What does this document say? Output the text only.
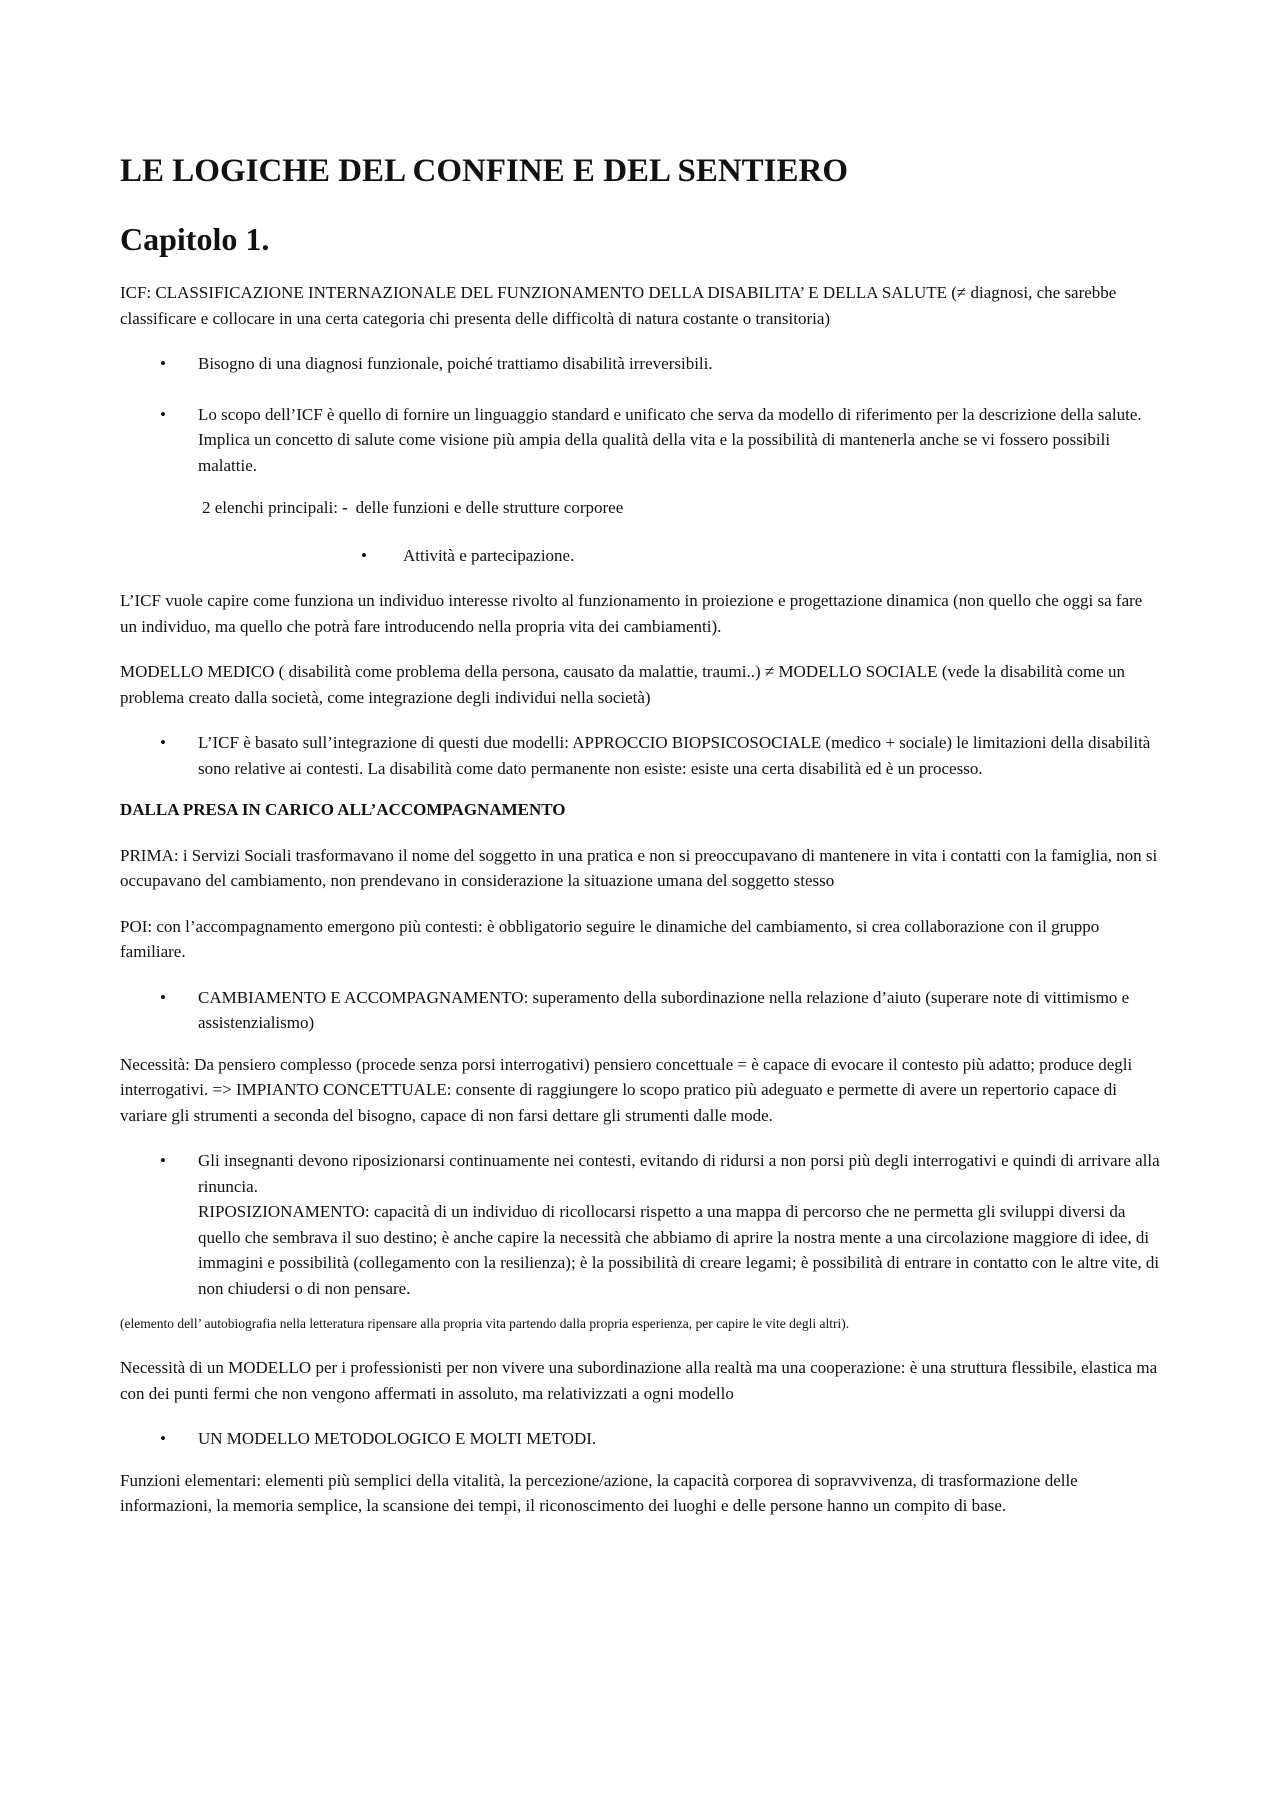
LE LOGICHE DEL CONFINE E DEL SENTIERO
Capitolo 1.

ICF: CLASSIFICAZIONE INTERNAZIONALE DEL FUNZIONAMENTO DELLA DISABILITA’ E DELLA SALUTE (≠ diagnosi, che sarebbe classificare e collocare in una certa categoria chi presenta delle difficoltà di natura costante o transitoria)

• Bisogno di una diagnosi funzionale, poiché trattiamo disabilità irreversibili.
• Lo scopo dell’ICF è quello di fornire un linguaggio standard e unificato che serva da modello di riferimento per la descrizione della salute. Implica un concetto di salute come visione più ampia della qualità della vita e la possibilità di mantenerla anche se vi fossero possibili malattie.
2 elenchi principali: - delle funzioni e delle strutture corporee
• Attività e partecipazione.

L’ICF vuole capire come funziona un individuo interesse rivolto al funzionamento in proiezione e progettazione dinamica (non quello che oggi sa fare un individuo, ma quello che potrà fare introducendo nella propria vita dei cambiamenti).

MODELLO MEDICO ( disabilità come problema della persona, causato da malattie, traumi..) ≠ MODELLO SOCIALE (vede la disabilità come un problema creato dalla società, come integrazione degli individui nella società)

• L’ICF è basato sull’integrazione di questi due modelli: APPROCCIO BIOPSICOSOCIALE (medico + sociale) le limitazioni della disabilità sono relative ai contesti. La disabilità come dato permanente non esiste: esiste una certa disabilità ed è un processo.

DALLA PRESA IN CARICO ALL’ACCOMPAGNAMENTO

PRIMA: i Servizi Sociali trasformavano il nome del soggetto in una pratica e non si preoccupavano di mantenere in vita i contatti con la famiglia, non si occupavano del cambiamento, non prendevano in considerazione la situazione umana del soggetto stesso

POI: con l’accompagnamento emergono più contesti: è obbligatorio seguire le dinamiche del cambiamento, si crea collaborazione con il gruppo familiare.

• CAMBIAMENTO E ACCOMPAGNAMENTO: superamento della subordinazione nella relazione d’aiuto (superare note di vittimismo e assistenzialismo)

Necessità: Da pensiero complesso (procede senza porsi interrogativi) pensiero concettuale = è capace di evocare il contesto più adatto; produce degli interrogativi. => IMPIANTO CONCETTUALE: consente di raggiungere lo scopo pratico più adeguato e permette di avere un repertorio capace di variare gli strumenti a seconda del bisogno, capace di non farsi dettare gli strumenti dalle mode.

• Gli insegnanti devono riposizionarsi continuamente nei contesti, evitando di ridursi a non porsi più degli interrogativi e quindi di arrivare alla rinuncia.
RIPOSIZIONAMENTO: capacità di un individuo di ricollocarsi rispetto a una mappa di percorso che ne permetta gli sviluppi diversi da quello che sembrava il suo destino; è anche capire la necessità che abbiamo di aprire la nostra mente a una circolazione maggiore di idee, di immagini e possibilità (collegamento con la resilienza); è la possibilità di creare legami; è possibilità di entrare in contatto con le altre vite, di non chiudersi o di non pensare.

(elemento dell’ autobiografia nella letteratura ripensare alla propria vita partendo dalla propria esperienza, per capire le vite degli altri).

Necessità di un MODELLO per i professionisti per non vivere una subordinazione alla realtà ma una cooperazione: è una struttura flessibile, elastica ma con dei punti fermi che non vengono affermati in assoluto, ma relativizzati a ogni modello

• UN MODELLO METODOLOGICO E MOLTI METODI.

Funzioni elementari: elementi più semplici della vitalità, la percezione/azione, la capacità corporea di sopravvivenza, di trasformazione delle informazioni, la memoria semplice, la scansione dei tempi, il riconoscimento dei luoghi e delle persone hanno un compito di base.
